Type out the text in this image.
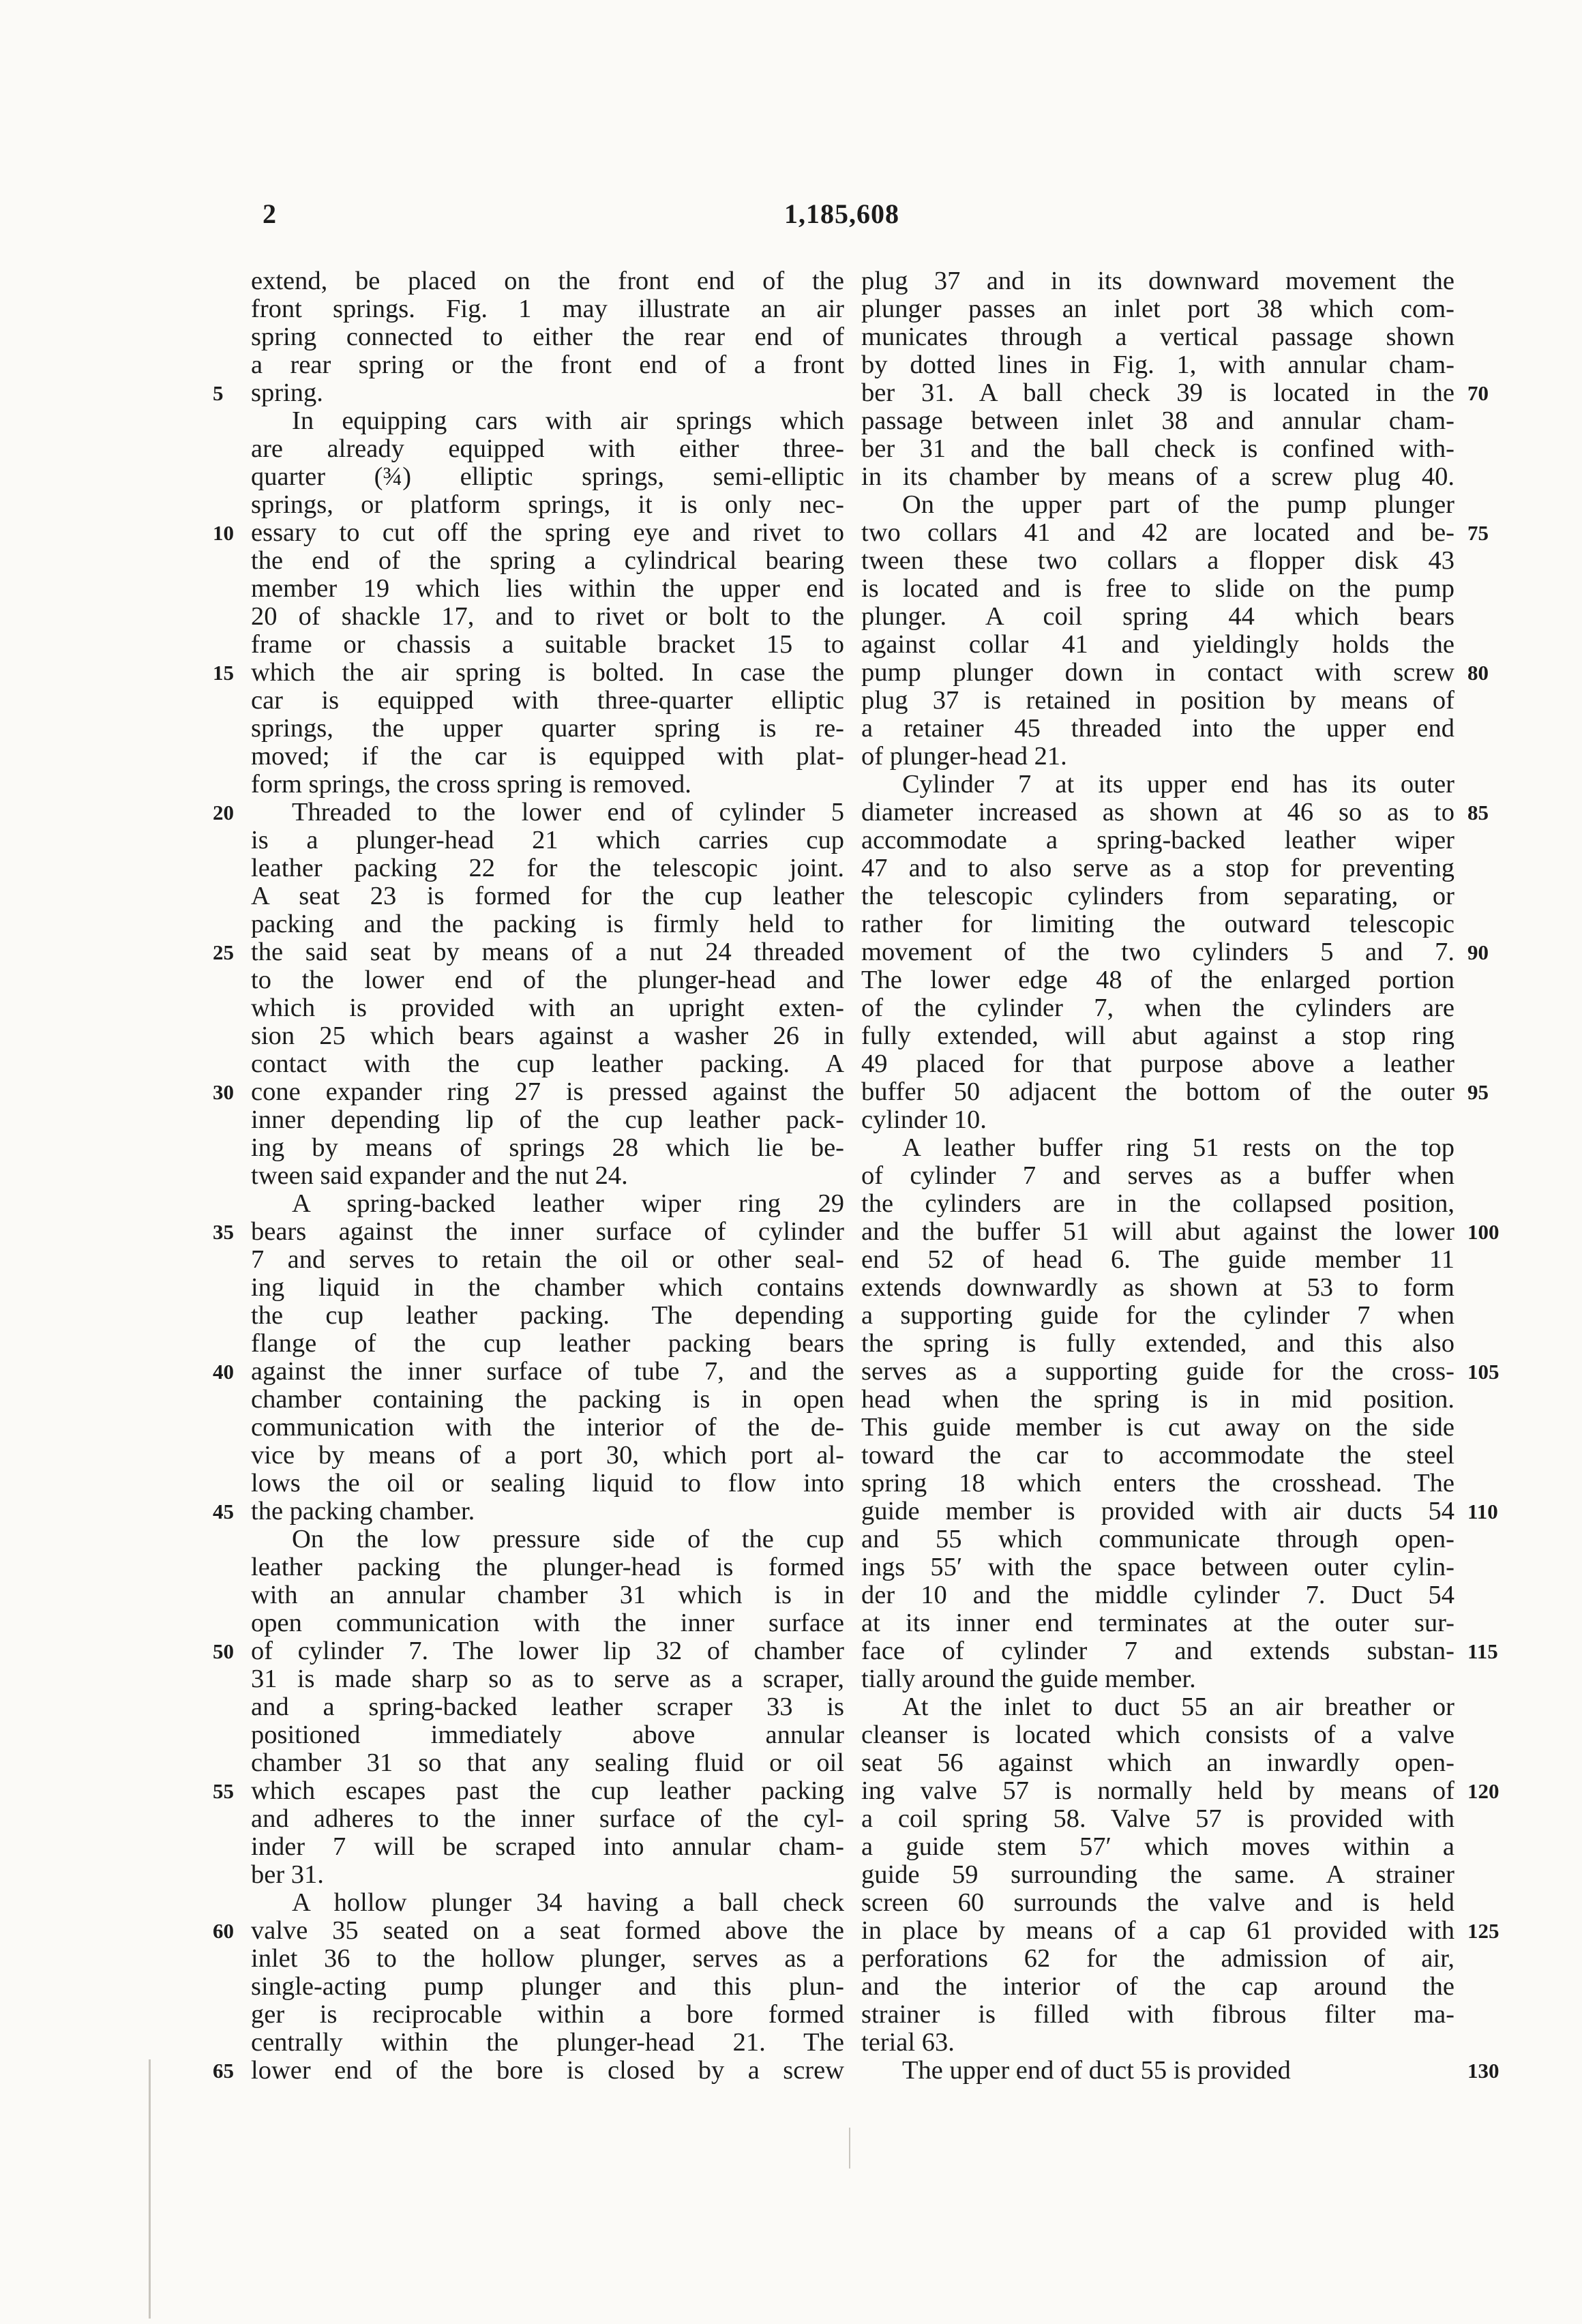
2	1,185,608
extend, be placed on the front end of the
front springs. Fig. 1 may illustrate an air
spring connected to either the rear end of
a rear spring or the front end of a front
spring.
In equipping cars with air springs which
are already equipped with either three-
quarter (¾) elliptic springs, semi-elliptic
springs, or platform springs, it is only nec-
essary to cut off the spring eye and rivet to
the end of the spring a cylindrical bearing
member 19 which lies within the upper end
20 of shackle 17, and to rivet or bolt to the
frame or chassis a suitable bracket 15 to
which the air spring is bolted. In case the
car is equipped with three-quarter elliptic
springs, the upper quarter spring is re-
moved; if the car is equipped with plat-
form springs, the cross spring is removed.
Threaded to the lower end of cylinder 5
is a plunger-head 21 which carries cup
leather packing 22 for the telescopic joint.
A seat 23 is formed for the cup leather
packing and the packing is firmly held to
the said seat by means of a nut 24 threaded
to the lower end of the plunger-head and
which is provided with an upright exten-
sion 25 which bears against a washer 26 in
contact with the cup leather packing. A
cone expander ring 27 is pressed against the
inner depending lip of the cup leather pack-
ing by means of springs 28 which lie be-
tween said expander and the nut 24.
A spring-backed leather wiper ring 29
bears against the inner surface of cylinder
7 and serves to retain the oil or other seal-
ing liquid in the chamber which contains
the cup leather packing. The depending
flange of the cup leather packing bears
against the inner surface of tube 7, and the
chamber containing the packing is in open
communication with the interior of the de-
vice by means of a port 30, which port al-
lows the oil or sealing liquid to flow into
the packing chamber.
On the low pressure side of the cup
leather packing the plunger-head is formed
with an annular chamber 31 which is in
open communication with the inner surface
of cylinder 7. The lower lip 32 of chamber
31 is made sharp so as to serve as a scraper,
and a spring-backed leather scraper 33 is
positioned immediately above annular
chamber 31 so that any sealing fluid or oil
which escapes past the cup leather packing
and adheres to the inner surface of the cyl-
inder 7 will be scraped into annular cham-
ber 31.
A hollow plunger 34 having a ball check
valve 35 seated on a seat formed above the
inlet 36 to the hollow plunger, serves as a
single-acting pump plunger and this plun-
ger is reciprocable within a bore formed
centrally within the plunger-head 21. The
lower end of the bore is closed by a screw
plug 37 and in its downward movement the
plunger passes an inlet port 38 which com-
municates through a vertical passage shown
by dotted lines in Fig. 1, with annular cham-
ber 31. A ball check 39 is located in the
passage between inlet 38 and annular cham-
ber 31 and the ball check is confined with-
in its chamber by means of a screw plug 40.
On the upper part of the pump plunger
two collars 41 and 42 are located and be-
tween these two collars a flopper disk 43
is located and is free to slide on the pump
plunger. A coil spring 44 which bears
against collar 41 and yieldingly holds the
pump plunger down in contact with screw
plug 37 is retained in position by means of
a retainer 45 threaded into the upper end
of plunger-head 21.
Cylinder 7 at its upper end has its outer
diameter increased as shown at 46 so as to
accommodate a spring-backed leather wiper
47 and to also serve as a stop for preventing
the telescopic cylinders from separating, or
rather for limiting the outward telescopic
movement of the two cylinders 5 and 7.
The lower edge 48 of the enlarged portion
of the cylinder 7, when the cylinders are
fully extended, will abut against a stop ring
49 placed for that purpose above a leather
buffer 50 adjacent the bottom of the outer
cylinder 10.
A leather buffer ring 51 rests on the top
of cylinder 7 and serves as a buffer when
the cylinders are in the collapsed position,
and the buffer 51 will abut against the lower
end 52 of head 6. The guide member 11
extends downwardly as shown at 53 to form
a supporting guide for the cylinder 7 when
the spring is fully extended, and this also
serves as a supporting guide for the cross-
head when the spring is in mid position.
This guide member is cut away on the side
toward the car to accommodate the steel
spring 18 which enters the crosshead. The
guide member is provided with air ducts 54
and 55 which communicate through open-
ings 55′ with the space between outer cylin-
der 10 and the middle cylinder 7. Duct 54
at its inner end terminates at the outer sur-
face of cylinder 7 and extends substan-
tially around the guide member.
At the inlet to duct 55 an air breather or
cleanser is located which consists of a valve
seat 56 against which an inwardly open-
ing valve 57 is normally held by means of
a coil spring 58. Valve 57 is provided with
a guide stem 57′ which moves within a
guide 59 surrounding the same. A strainer
screen 60 surrounds the valve and is held
in place by means of a cap 61 provided with
perforations 62 for the admission of air,
and the interior of the cap around the
strainer is filled with fibrous filter ma-
terial 63.
The upper end of duct 55 is provided
5
10
15
20
25
30
35
40
45
50
55
60
65
70
75
80
85
90
95
100
105
110
115
120
125
130
